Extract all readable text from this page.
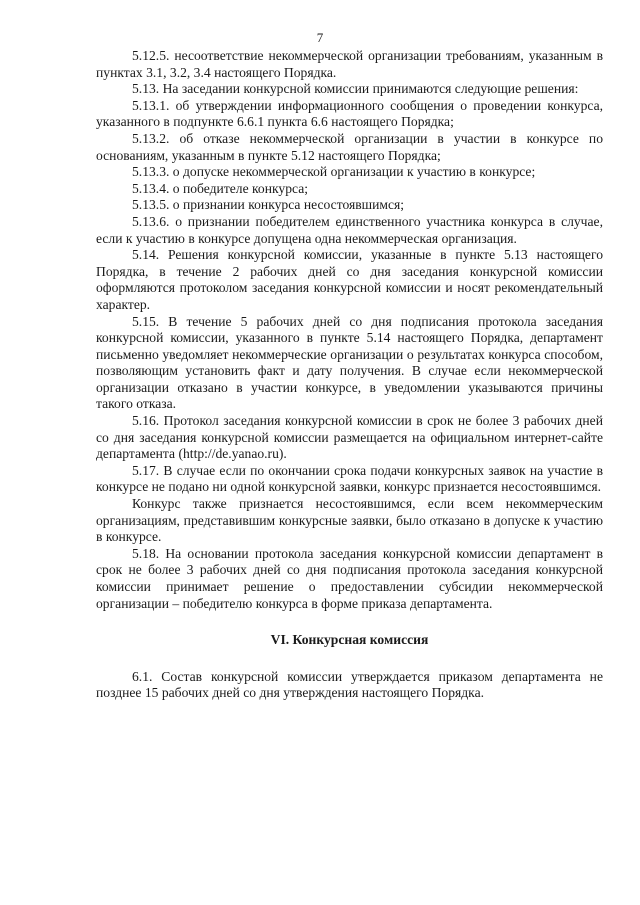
7

5.12.5. несоответствие некоммерческой организации требованиям, указанным в пунктах 3.1, 3.2, 3.4 настоящего Порядка.

5.13. На заседании конкурсной комиссии принимаются следующие решения:

5.13.1. об утверждении информационного сообщения о проведении конкурса, указанного в подпункте 6.6.1 пункта 6.6 настоящего Порядка;

5.13.2. об отказе некоммерческой организации в участии в конкурсе по основаниям, указанным в пункте 5.12 настоящего Порядка;

5.13.3. о допуске некоммерческой организации к участию в конкурсе;

5.13.4. о победителе конкурса;

5.13.5. о признании конкурса несостоявшимся;

5.13.6. о признании победителем единственного участника конкурса в случае, если к участию в конкурсе допущена одна некоммерческая организация.

5.14. Решения конкурсной комиссии, указанные в пункте 5.13 настоящего Порядка, в течение 2 рабочих дней со дня заседания конкурсной комиссии оформляются протоколом заседания конкурсной комиссии и носят рекомендательный характер.

5.15. В течение 5 рабочих дней со дня подписания протокола заседания конкурсной комиссии, указанного в пункте 5.14 настоящего Порядка, департамент письменно уведомляет некоммерческие организации о результатах конкурса способом, позволяющим установить факт и дату получения. В случае если некоммерческой организации отказано в участии конкурсе, в уведомлении указываются причины такого отказа.

5.16. Протокол заседания конкурсной комиссии в срок не более 3 рабочих дней со дня заседания конкурсной комиссии размещается на официальном интернет-сайте департамента (http://de.yanao.ru).

5.17. В случае если по окончании срока подачи конкурсных заявок на участие в конкурсе не подано ни одной конкурсной заявки, конкурс признается несостоявшимся.

Конкурс также признается несостоявшимся, если всем некоммерческим организациям, представившим конкурсные заявки, было отказано в допуске к участию в конкурсе.

5.18. На основании протокола заседания конкурсной комиссии департамент в срок не более 3 рабочих дней со дня подписания протокола заседания конкурсной комиссии принимает решение о предоставлении субсидии некоммерческой организации – победителю конкурса в форме приказа департамента.

VI. Конкурсная комиссия

6.1. Состав конкурсной комиссии утверждается приказом департамента не позднее 15 рабочих дней со дня утверждения настоящего Порядка.
